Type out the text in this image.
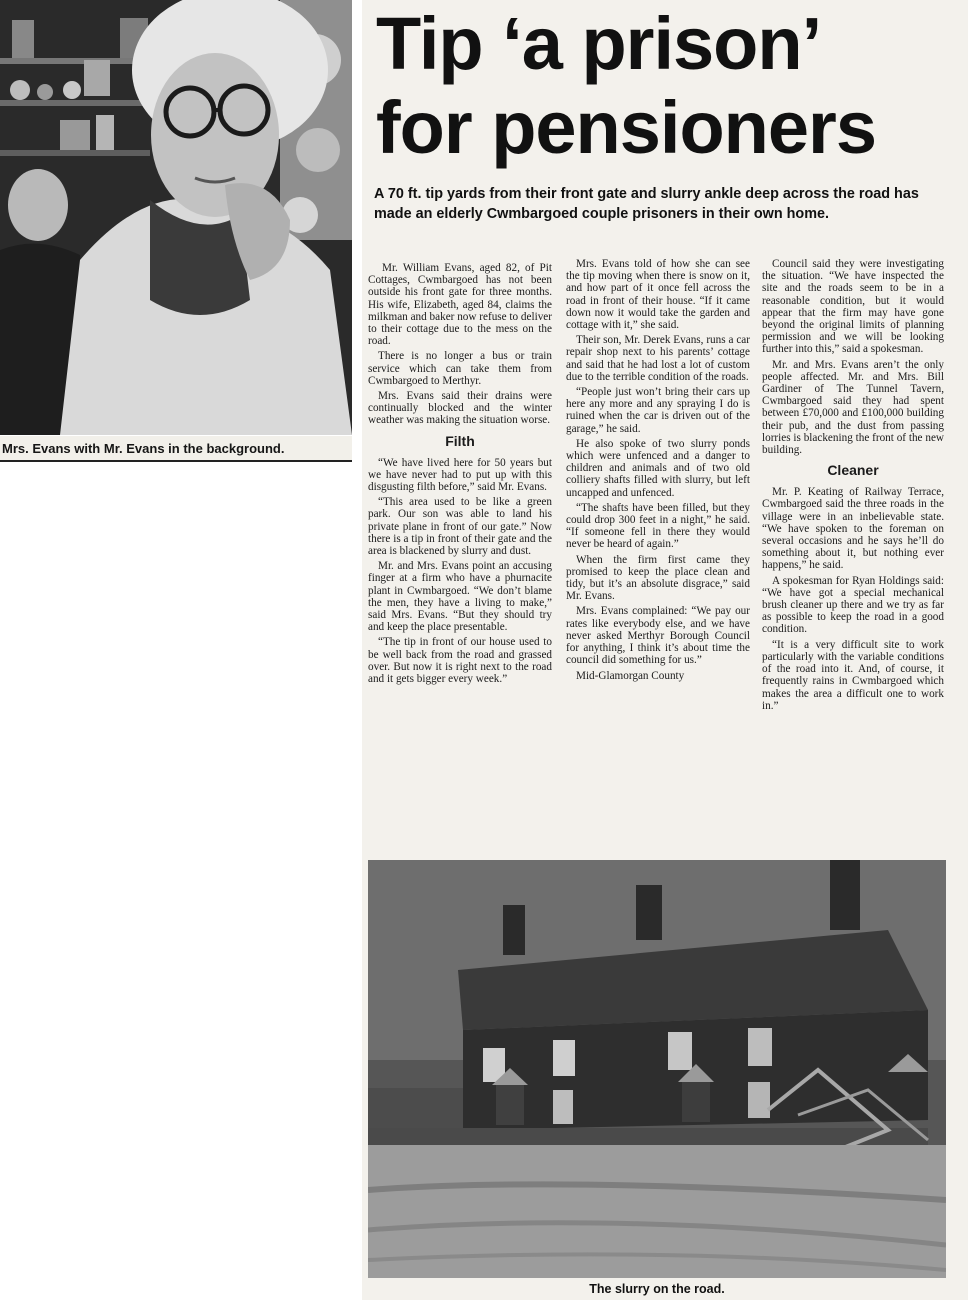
Mrs. Evans with Mr. Evans in the background.
Tip ‘a prison’
for pensioners
A 70 ft. tip yards from their front gate and slurry ankle deep across the road has made an elderly Cwmbargoed couple prisoners in their own home.

Mr. William Evans, aged 82, of Pit Cottages, Cwmbargoed has not been outside his front gate for three months. His wife, Elizabeth, aged 84, claims the milkman and baker now refuse to deliver to their cottage due to the mess on the road.

There is no longer a bus or train service which can take them from Cwmbargoed to Merthyr.

Mrs. Evans said their drains were continually blocked and the winter weather was making the situation worse.

Filth

“We have lived here for 50 years but we have never had to put up with this disgusting filth before,” said Mr. Evans.

“This area used to be like a green park. Our son was able to land his private plane in front of our gate.” Now there is a tip in front of their gate and the area is blackened by slurry and dust.

Mr. and Mrs. Evans point an accusing finger at a firm who have a phurnacite plant in Cwmbargoed. “We don’t blame the men, they have a living to make,” said Mrs. Evans. “But they should try and keep the place presentable.

“The tip in front of our house used to be well back from the road and grassed over. But now it is right next to the road and it gets bigger every week.”

Mrs. Evans told of how she can see the tip moving when there is snow on it, and how part of it once fell across the road in front of their house. “If it came down now it would take the garden and cottage with it,” she said.

Their son, Mr. Derek Evans, runs a car repair shop next to his parents’ cottage and said that he had lost a lot of custom due to the terrible condition of the roads.

“People just won’t bring their cars up here any more and any spraying I do is ruined when the car is driven out of the garage,” he said.

He also spoke of two slurry ponds which were unfenced and a danger to children and animals and of two old colliery shafts filled with slurry, but left uncapped and unfenced.

“The shafts have been filled, but they could drop 300 feet in a night,” he said. “If someone fell in there they would never be heard of again.”

When the firm first came they promised to keep the place clean and tidy, but it’s an absolute disgrace,” said Mr. Evans.

Mrs. Evans complained: “We pay our rates like everybody else, and we have never asked Merthyr Borough Council for anything, I think it’s about time the council did something for us.”

Mid-Glamorgan County

Council said they were investigating the situation. “We have inspected the site and the roads seem to be in a reasonable condition, but it would appear that the firm may have gone beyond the original limits of planning permission and we will be looking further into this,” said a spokesman.

Mr. and Mrs. Evans aren’t the only people affected. Mr. and Mrs. Bill Gardiner of The Tunnel Tavern, Cwmbargoed said they had spent between £70,000 and £100,000 building their pub, and the dust from passing lorries is blackening the front of the new building.

Cleaner

Mr. P. Keating of Railway Terrace, Cwmbargoed said the three roads in the village were in an inbelievable state. “We have spoken to the foreman on several occasions and he says he’ll do something about it, but nothing ever happens,” he said.

A spokesman for Ryan Holdings said: “We have got a special mechanical brush cleaner up there and we try as far as possible to keep the road in a good condition.

“It is a very difficult site to work particularly with the variable conditions of the road into it. And, of course, it frequently rains in Cwmbargoed which makes the area a difficult one to work in.”

The slurry on the road.
